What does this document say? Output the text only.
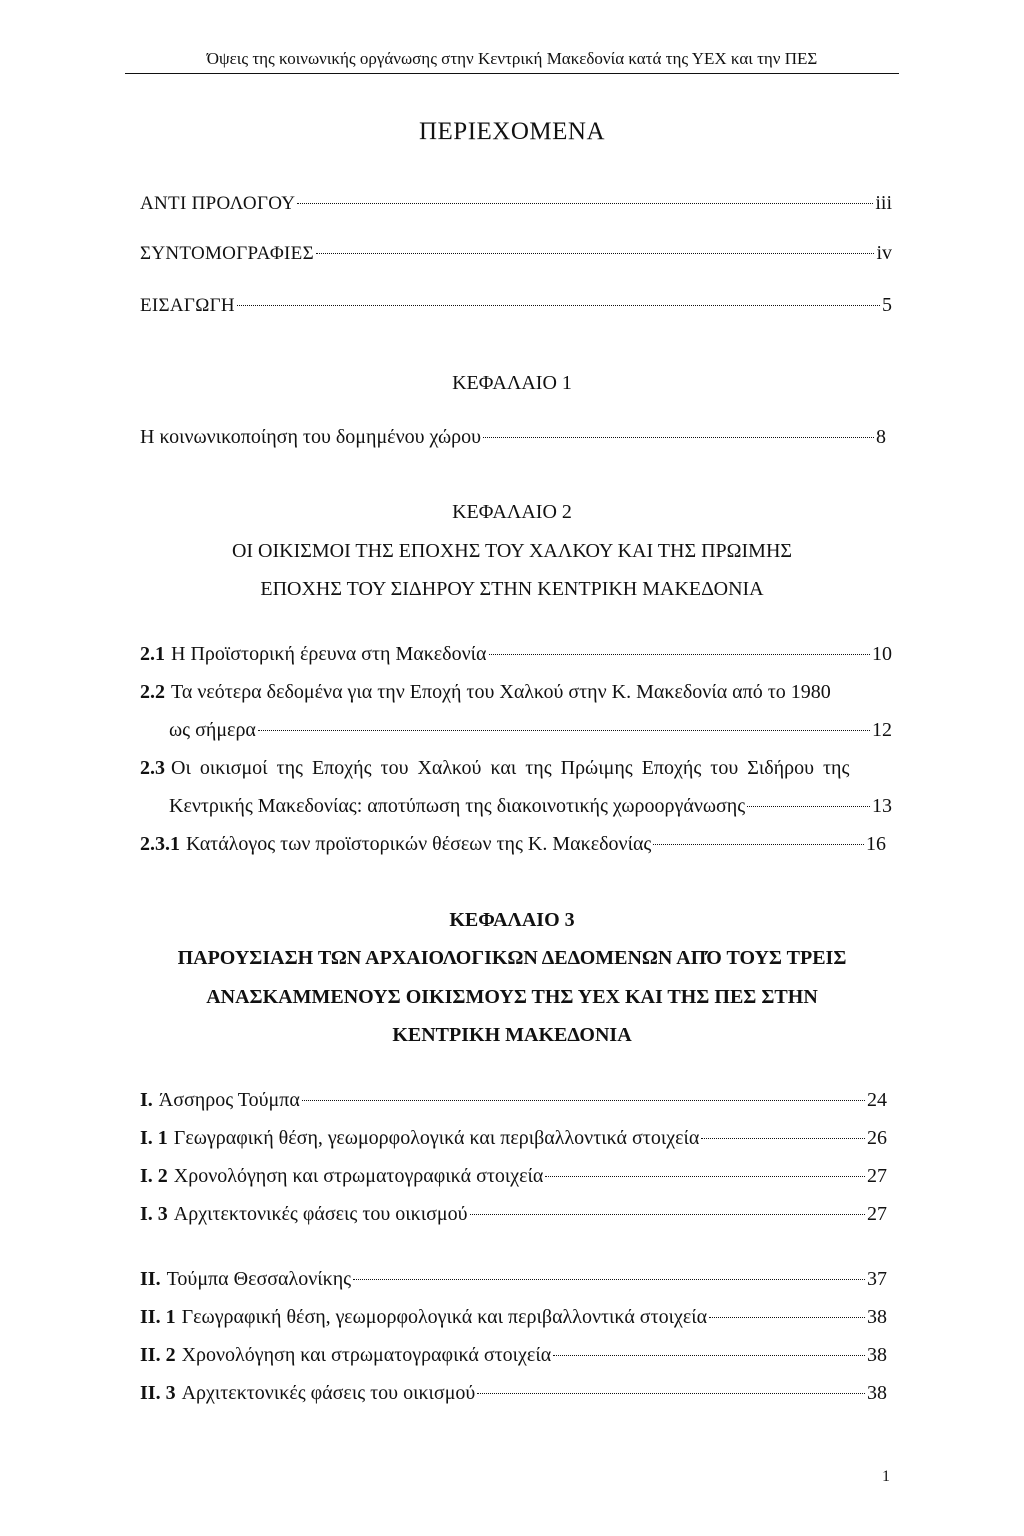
Όψεις της κοινωνικής οργάνωσης στην Κεντρική Μακεδονία κατά της ΥΕΧ και την ΠΕΣ
ΠΕΡΙΕΧΟΜΕΝΑ
ΑΝΤΙ ΠΡΟΛΟΓΟΥ	iii
ΣΥΝΤΟΜΟΓΡΑΦΙΕΣ	iv
ΕΙΣΑΓΩΓΗ	5
ΚΕΦΑΛΑΙΟ 1
Η κοινωνικοποίηση του δομημένου χώρου	8
ΚΕΦΑΛΑΙΟ 2
ΟΙ ΟΙΚΙΣΜΟΙ ΤΗΣ ΕΠΟΧΗΣ ΤΟΥ ΧΑΛΚΟΥ ΚΑΙ ΤΗΣ ΠΡΩΙΜΗΣ
ΕΠΟΧΗΣ ΤΟΥ ΣΙΔΗΡΟΥ ΣΤΗΝ ΚΕΝΤΡΙΚΗ ΜΑΚΕΔΟΝΙΑ
2.1 Η Προϊστορική έρευνα στη Μακεδονία	10
2.2 Τα νεότερα δεδομένα για την Εποχή του Χαλκού στην Κ. Μακεδονία από το 1980
ως σήμερα	12
2.3 Οι οικισμοί της Εποχής του Χαλκού και της Πρώιμης Εποχής του Σιδήρου της
Κεντρικής Μακεδονίας: αποτύπωση της διακοινοτικής χωροοργάνωσης	13
2.3.1 Κατάλογος των προϊστορικών θέσεων της Κ. Μακεδονίας	16
ΚΕΦΑΛΑΙΟ 3
ΠΑΡΟΥΣΙΑΣΗ ΤΩΝ ΑΡΧΑΙΟΛΟΓΙΚΩΝ ΔΕΔΟΜΕΝΩΝ ΑΠΌ ΤΟΥΣ ΤΡΕΙΣ
ΑΝΑΣΚΑΜΜΕΝΟΥΣ ΟΙΚΙΣΜΟΥΣ ΤΗΣ ΥΕΧ ΚΑΙ ΤΗΣ ΠΕΣ ΣΤΗΝ
ΚΕΝΤΡΙΚΗ ΜΑΚΕΔΟΝΙΑ
I. Άσσηρος Τούμπα	24
I. 1 Γεωγραφική θέση, γεωμορφολογικά και περιβαλλοντικά στοιχεία	26
I. 2 Χρονολόγηση και στρωματογραφικά στοιχεία	27
I. 3 Αρχιτεκτονικές φάσεις του οικισμού	27
II. Τούμπα Θεσσαλονίκης	37
II. 1 Γεωγραφική θέση, γεωμορφολογικά και περιβαλλοντικά στοιχεία	38
II. 2 Χρονολόγηση και στρωματογραφικά στοιχεία	38
II. 3 Αρχιτεκτονικές φάσεις του οικισμού	38
1
